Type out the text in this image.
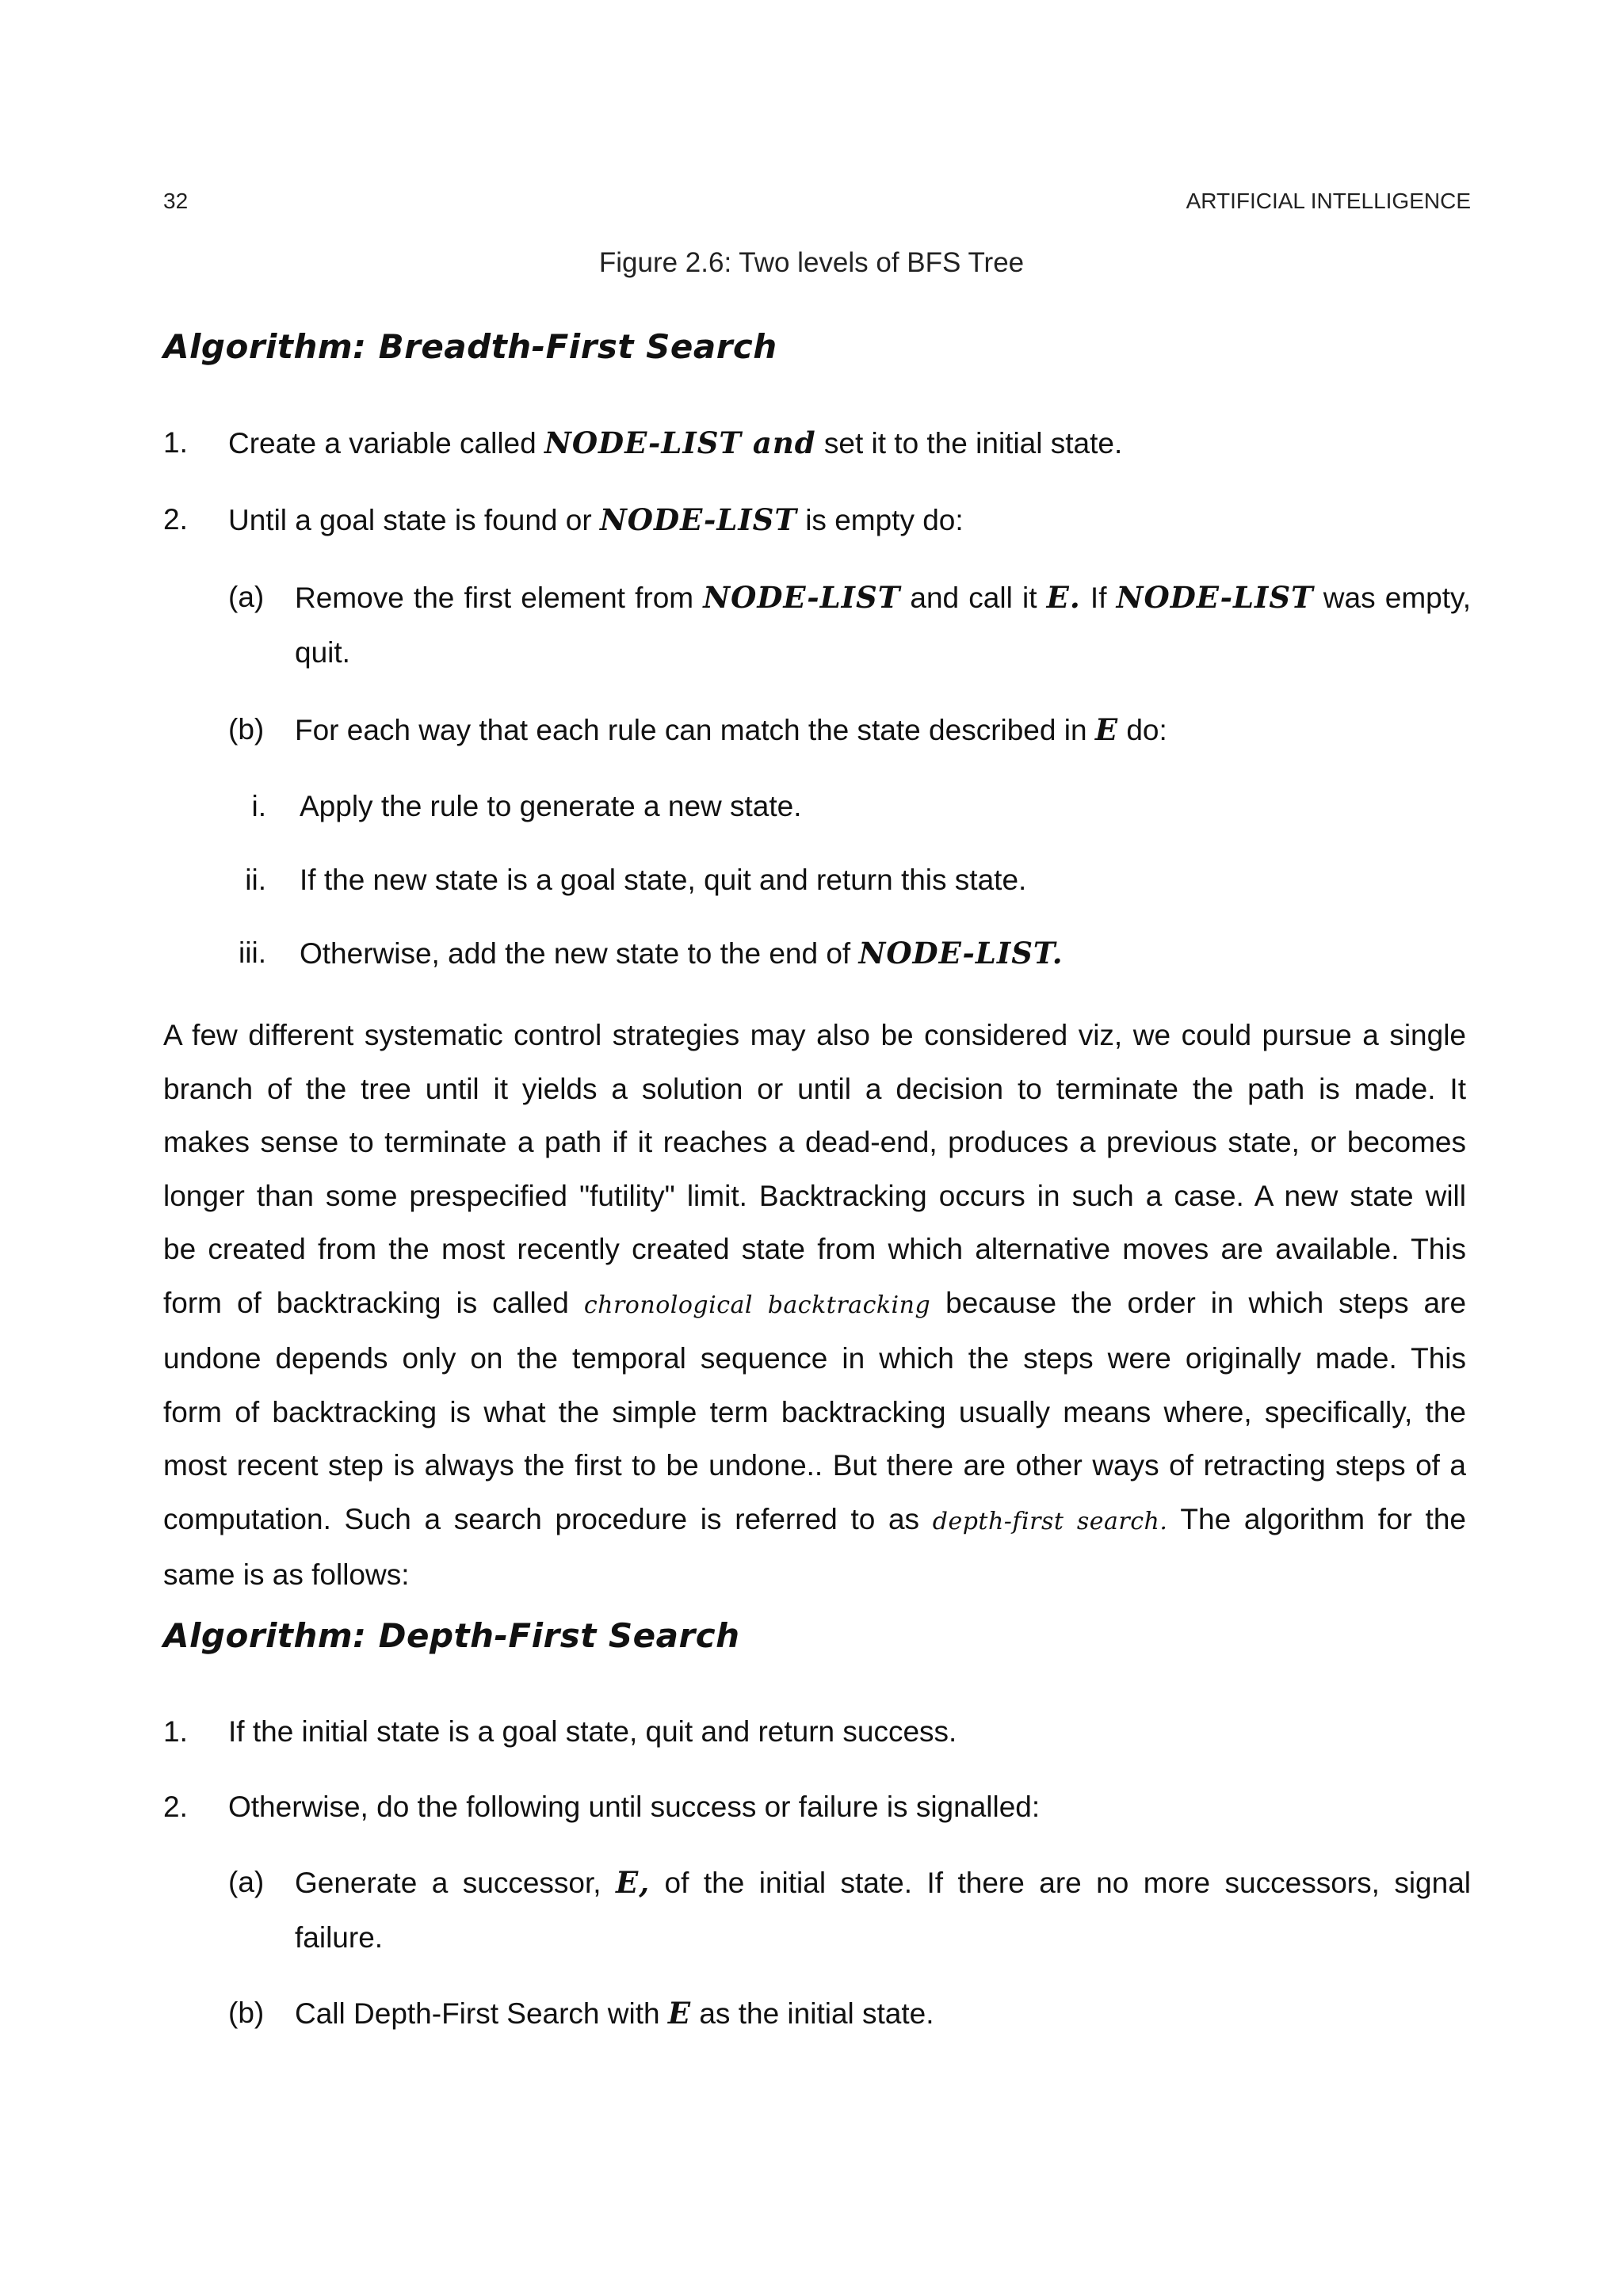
32	ARTIFICIAL INTELLIGENCE
Figure 2.6: Two levels of BFS Tree
Algorithm: Breadth-First Search
1. Create a variable called NODE-LIST and set it to the initial state.
2. Until a goal state is found or NODE-LIST is empty do:
(a) Remove the first element from NODE-LIST and call it E. If NODE-LIST was empty,
quit.
(b) For each way that each rule can match the state described in E do:
i. Apply the rule to generate a new state.
ii. If the new state is a goal state, quit and return this state.
iii. Otherwise, add the new state to the end of NODE-LIST.
A few different systematic control strategies may also be considered viz, we could pursue a single
branch of the tree until it yields a solution or until a decision to terminate the path is made. It
makes sense to terminate a path if it reaches a dead-end, produces a previous state, or becomes
longer than some prespecified "futility" limit. Backtracking occurs in such a case. A new state will
be created from the most recently created state from which alternative moves are available. This
form of backtracking is called chronological backtracking because the order in which steps are
undone depends only on the temporal sequence in which the steps were originally made. This
form of backtracking is what the simple term backtracking usually means where, specifically, the
most recent step is always the first to be undone.. But there are other ways of retracting steps of a
computation. Such a search procedure is referred to as depth-first search. The algorithm for the
same is as follows:
Algorithm: Depth-First Search
1. If the initial state is a goal state, quit and return success.
2. Otherwise, do the following until success or failure is signalled:
(a) Generate a successor, E, of the initial state. If there are no more successors, signal
failure.
(b) Call Depth-First Search with E as the initial state.
